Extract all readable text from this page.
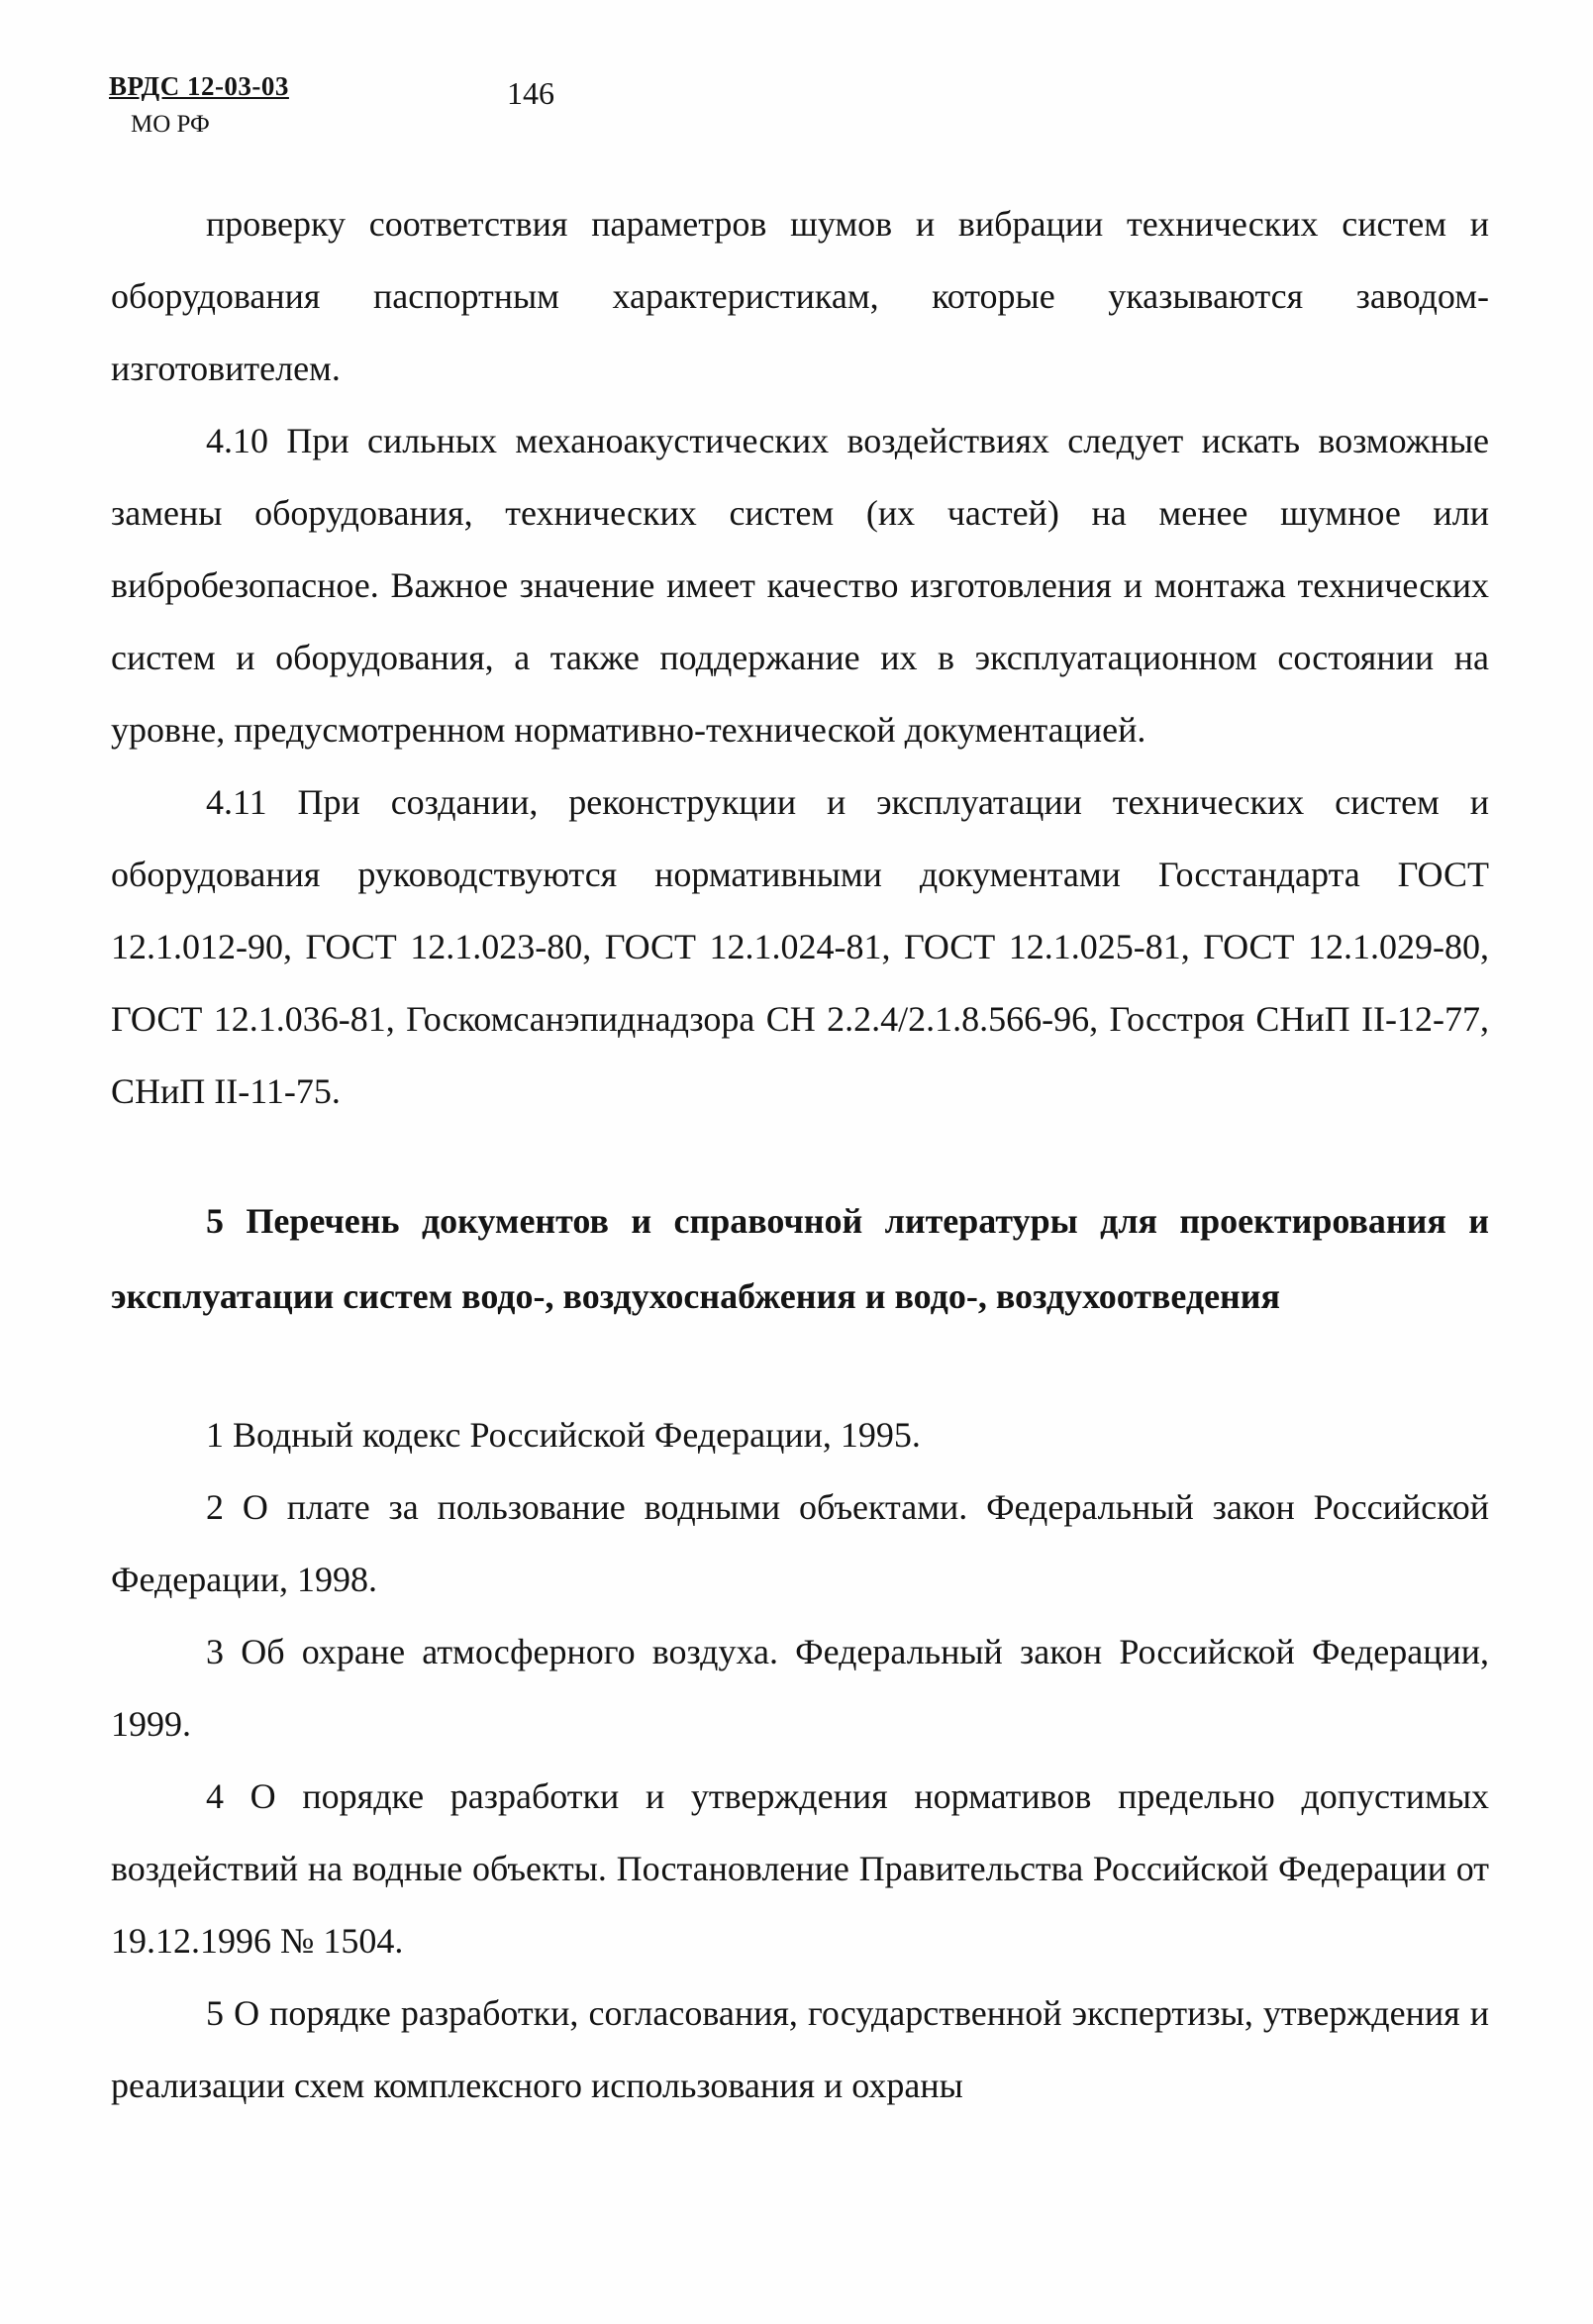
ВРДС 12-03-03
МО РФ
146

проверку соответствия параметров шумов и вибрации технических систем и оборудования паспортным характеристикам, которые указываются заводом-изготовителем.

4.10 При сильных механоакустических воздействиях следует искать возможные замены оборудования, технических систем (их частей) на менее шумное или вибробезопасное. Важное значение имеет качество изготовления и монтажа технических систем и оборудования, а также поддержание их в эксплуатационном состоянии на уровне, предусмотренном нормативно-технической документацией.

4.11 При создании, реконструкции и эксплуатации технических систем и оборудования руководствуются нормативными документами Госстандарта ГОСТ 12.1.012-90, ГОСТ 12.1.023-80, ГОСТ 12.1.024-81, ГОСТ 12.1.025-81, ГОСТ 12.1.029-80, ГОСТ 12.1.036-81, Госкомсанэпиднадзора СН 2.2.4/2.1.8.566-96, Госстроя СНиП II-12-77, СНиП II-11-75.

5 Перечень документов и справочной литературы для проектирования и эксплуатации систем водо-, воздухоснабжения и водо-, воздухоотведения

1 Водный кодекс Российской Федерации, 1995.

2 О плате за пользование водными объектами. Федеральный закон Российской Федерации, 1998.

3 Об охране атмосферного воздуха. Федеральный закон Российской Федерации, 1999.

4 О порядке разработки и утверждения нормативов предельно допустимых воздействий на водные объекты. Постановление Правительства Российской Федерации от 19.12.1996 № 1504.

5 О порядке разработки, согласования, государственной экспертизы, утверждения и реализации схем комплексного использования и охраны
